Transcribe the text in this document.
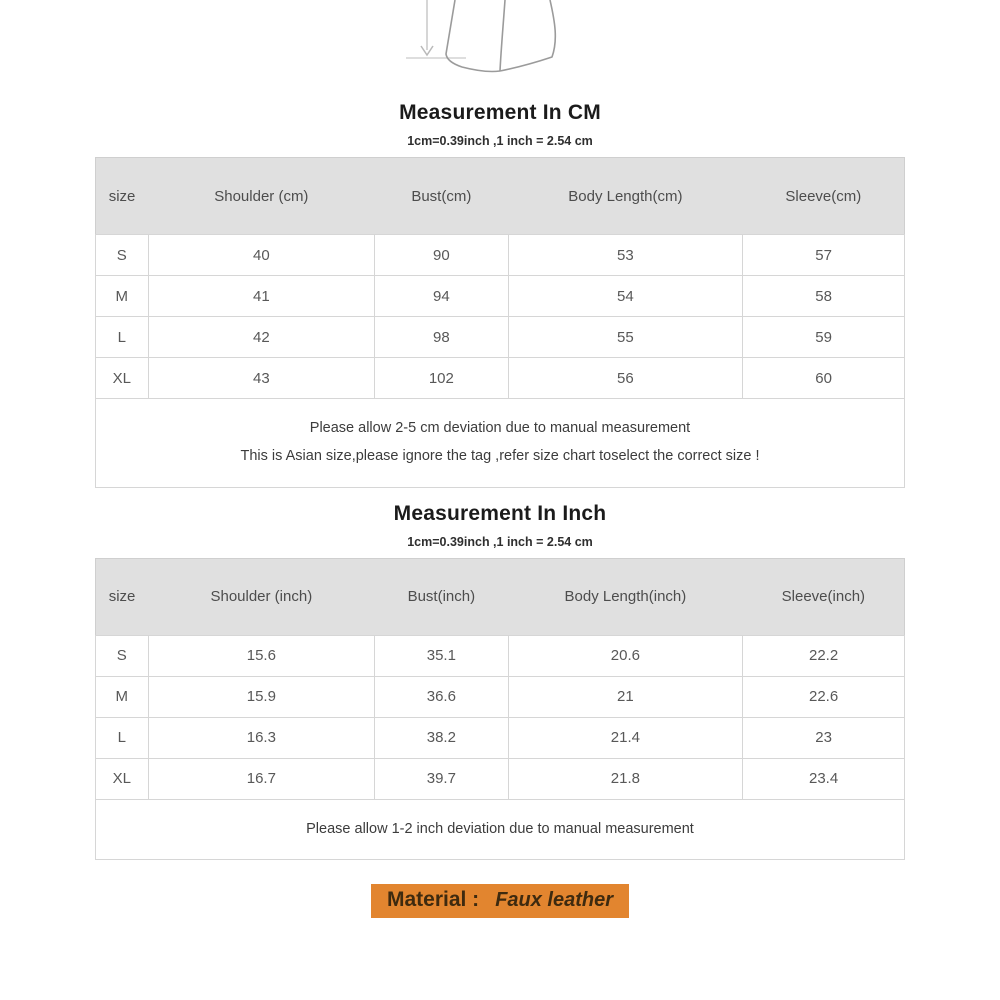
Measurement In CM
1cm=0.39inch ,1 inch = 2.54 cm
size	Shoulder (cm)	Bust(cm)	Body Length(cm)	Sleeve(cm)
S	40	90	53	57
M	41	94	54	58
L	42	98	55	59
XL	43	102	56	60

Please allow 2-5 cm deviation due to manual measurement
This is Asian size,please ignore the tag ,refer size chart toselect the correct size !				
Measurement In Inch
1cm=0.39inch ,1 inch = 2.54 cm
size	Shoulder (inch)	Bust(inch)	Body Length(inch)	Sleeve(inch)
S	15.6	35.1	20.6	22.2
M	15.9	36.6	21	22.6
L	16.3	38.2	21.4	23
XL	16.7	39.7	21.8	23.4

Please allow 1-2 inch deviation due to manual measurement				
Material : Faux leather
